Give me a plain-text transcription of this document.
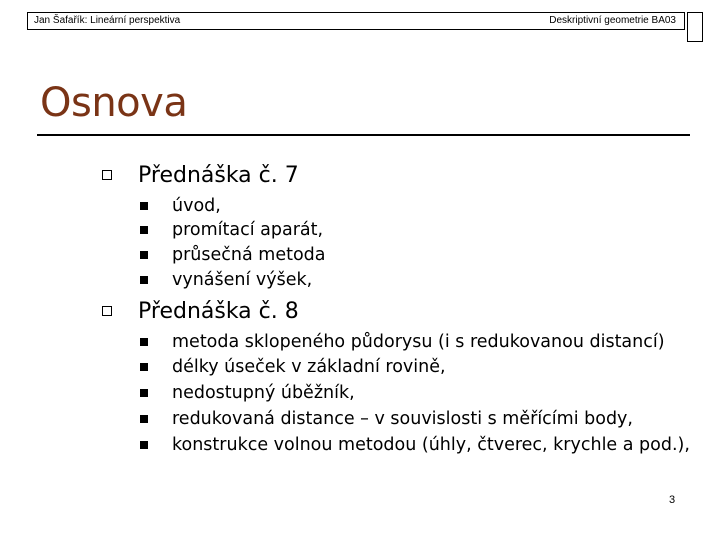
Jan Šafařík: Lineární perspektiva	Deskriptivní geometrie BA03
Osnova
Přednáška č. 7
úvod,
promítací aparát,
průsečná metoda
vynášení výšek,
Přednáška č. 8
metoda sklopeného půdorysu (i s redukovanou distancí)
délky úseček v základní rovině,
nedostupný úběžník,
redukovaná distance – v souvislosti s měřícími body,
konstrukce volnou metodou (úhly, čtverec, krychle a pod.),
3
